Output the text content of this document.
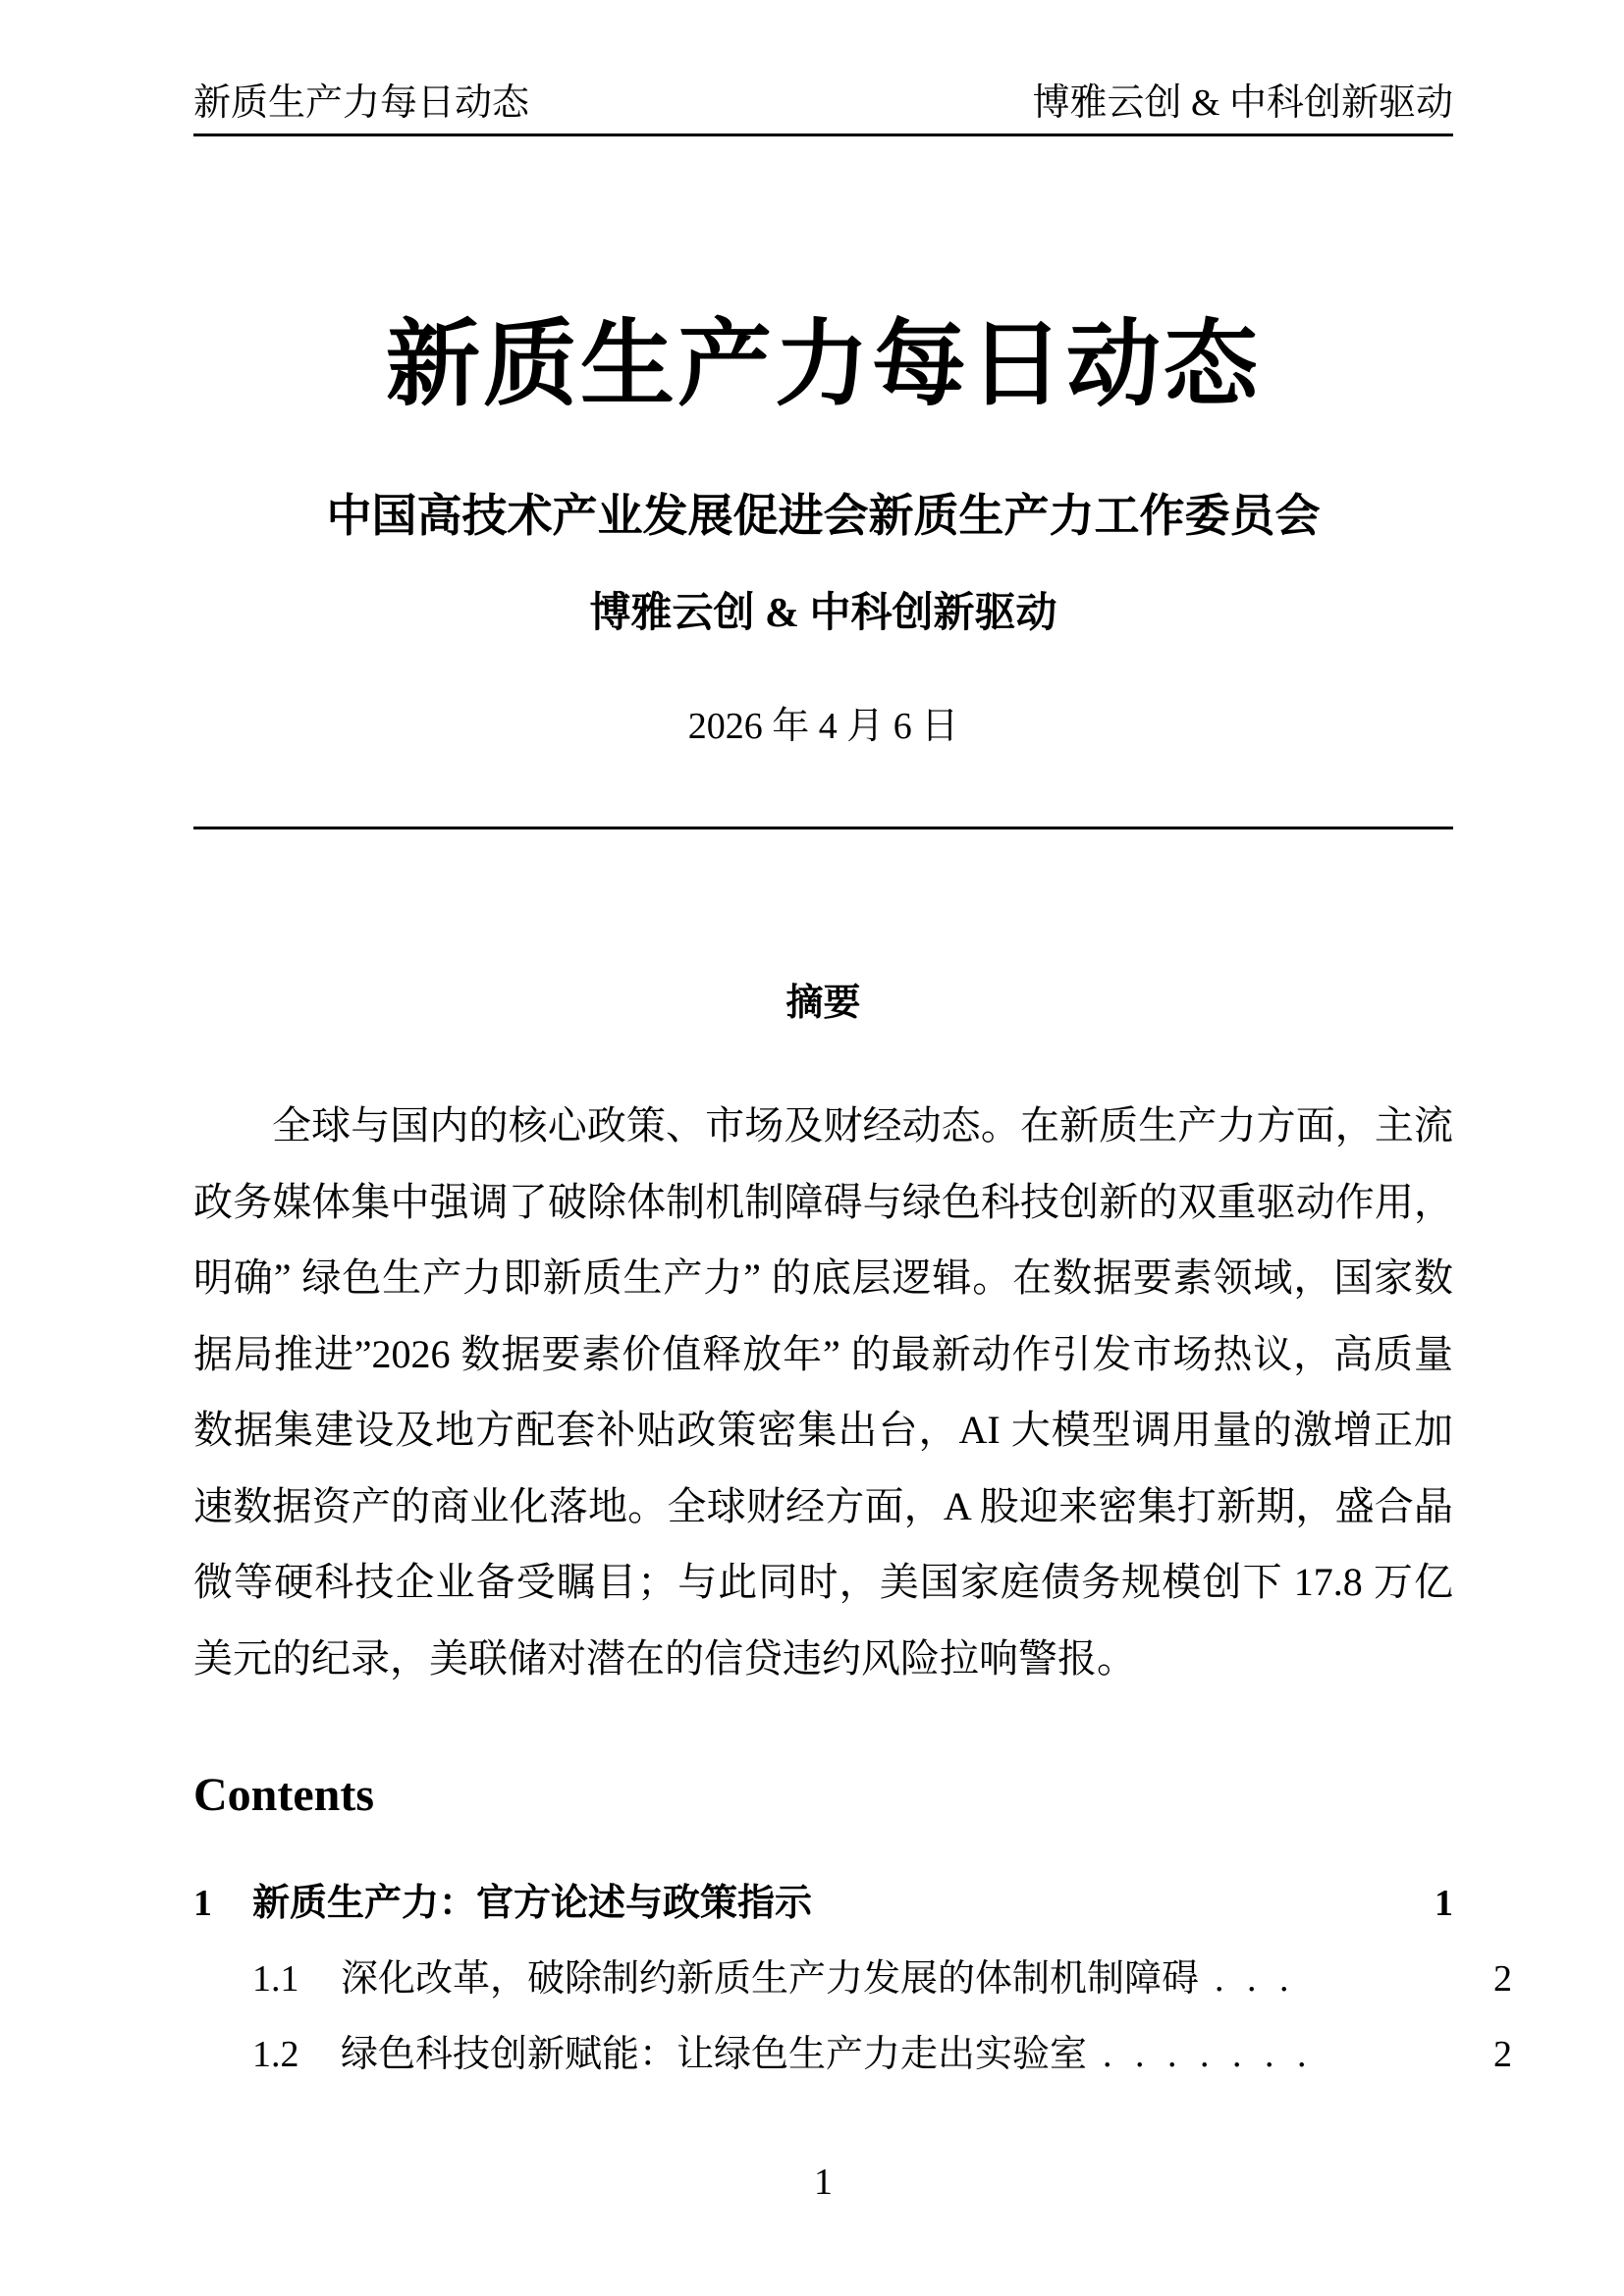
新质生产力每日动态	博雅云创 & 中科创新驱动
新质生产力每日动态
中国高技术产业发展促进会新质生产力工作委员会
博雅云创 & 中科创新驱动
2026 年 4 月 6 日
摘要
全球与国内的核心政策、市场及财经动态。在新质生产力方面，主流政务媒体集中强调了破除体制机制障碍与绿色科技创新的双重驱动作用，明确” 绿色生产力即新质生产力” 的底层逻辑。在数据要素领域，国家数据局推进”2026 数据要素价值释放年” 的最新动作引发市场热议，高质量数据集建设及地方配套补贴政策密集出台，AI 大模型调用量的激增正加速数据资产的商业化落地。全球财经方面，A 股迎来密集打新期，盛合晶微等硬科技企业备受瞩目；与此同时，美国家庭债务规模创下 17.8 万亿美元的纪录，美联储对潜在的信贷违约风险拉响警报。
Contents
1	新质生产力：官方论述与政策指示	1
1.1	深化改革，破除制约新质生产力发展的体制机制障碍 . . .	2
1.2	绿色科技创新赋能：让绿色生产力走出实验室 . . . . . . .	2
1
